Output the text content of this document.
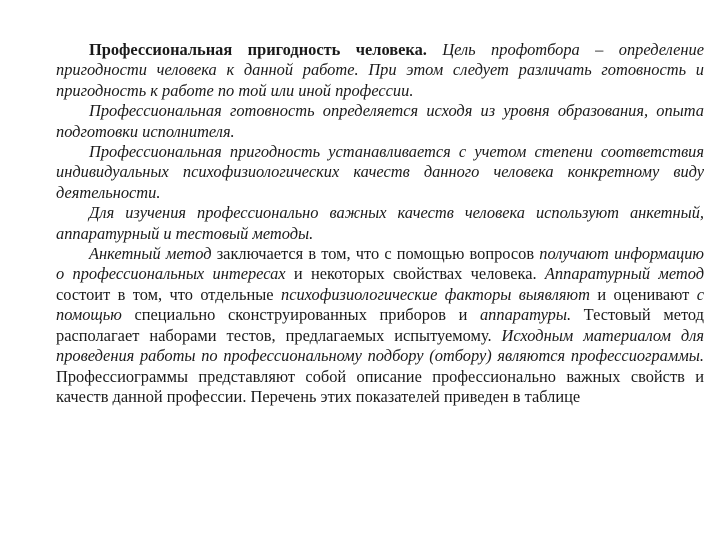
Профессиональная пригодность человека. Цель профотбора – определение пригодности человека к данной работе. При этом следует различать готовность и пригодность к работе по той или иной профессии.

Профессиональная готовность определяется исходя из уровня образования, опыта подготовки исполнителя.

Профессиональная пригодность устанавливается с учетом степени соответствия индивидуальных психофизиологических качеств данного человека конкретному виду деятельности.

Для изучения профессионально важных качеств человека используют анкетный, аппаратурный и тестовый методы.

Анкетный метод заключается в том, что с помощью вопросов получают информацию о профессиональных интересах и некоторых свойствах человека. Аппаратурный метод состоит в том, что отдельные психофизиологические факторы выявляют и оценивают с помощью специально сконструированных приборов и аппаратуры. Тестовый метод располагает наборами тестов, предлагаемых испытуемому. Исходным материалом для проведения работы по профессиональному подбору (отбору) являются профессиограммы. Профессиограммы представляют собой описание профессионально важных свойств и качеств данной профессии. Перечень этих показателей приведен в таблице
